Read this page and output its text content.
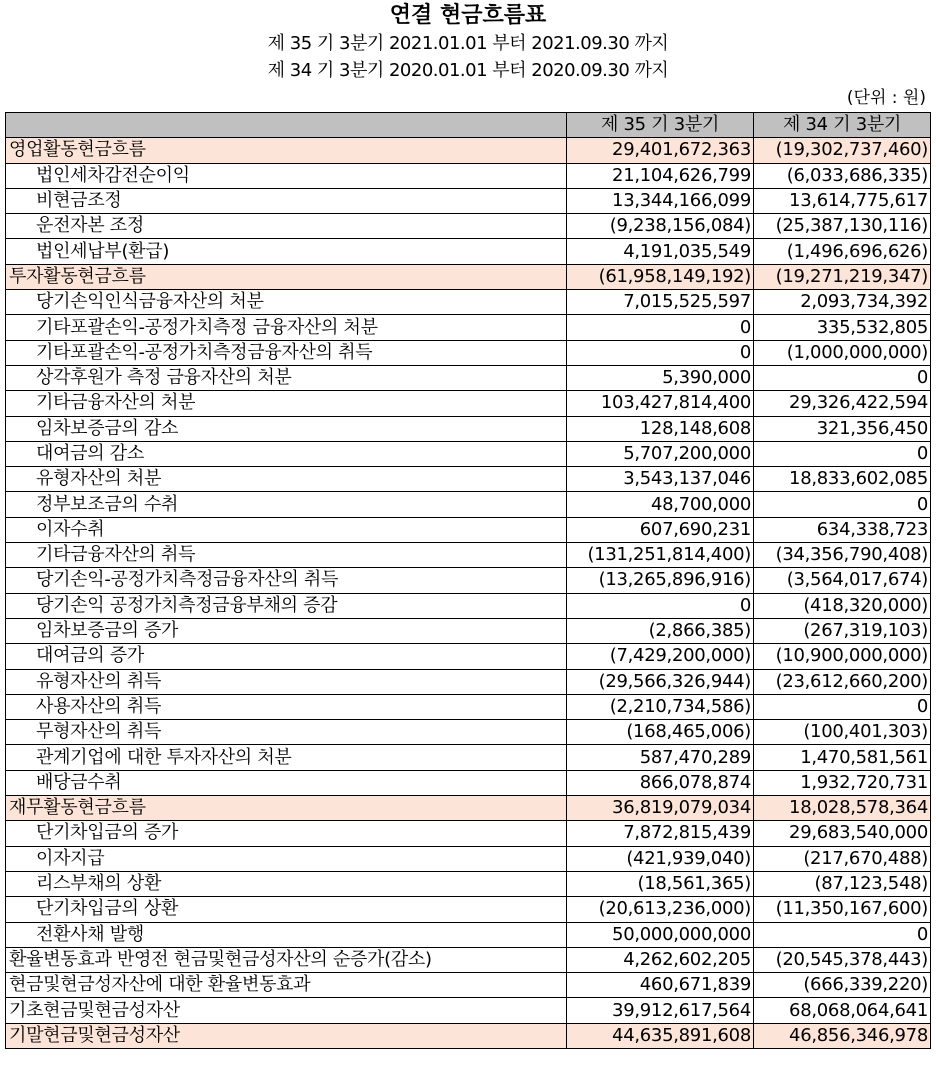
연결 현금흐름표
제 35 기 3분기 2021.01.01 부터 2021.09.30 까지
제 34 기 3분기 2020.01.01 부터 2020.09.30 까지
(단위 : 원)
	제 35 기 3분기	제 34 기 3분기
영업활동현금흐름	29,401,672,363	(19,302,737,460)
법인세차감전순이익	21,104,626,799	(6,033,686,335)
비현금조정	13,344,166,099	13,614,775,617
운전자본 조정	(9,238,156,084)	(25,387,130,116)
법인세납부(환급)	4,191,035,549	(1,496,696,626)
투자활동현금흐름	(61,958,149,192)	(19,271,219,347)
당기손익인식금융자산의 처분	7,015,525,597	2,093,734,392
기타포괄손익-공정가치측정 금융자산의 처분	0	335,532,805
기타포괄손익-공정가치측정금융자산의 취득	0	(1,000,000,000)
상각후원가 측정 금융자산의 처분	5,390,000	0
기타금융자산의 처분	103,427,814,400	29,326,422,594
임차보증금의 감소	128,148,608	321,356,450
대여금의 감소	5,707,200,000	0
유형자산의 처분	3,543,137,046	18,833,602,085
정부보조금의 수취	48,700,000	0
이자수취	607,690,231	634,338,723
기타금융자산의 취득	(131,251,814,400)	(34,356,790,408)
당기손익-공정가치측정금융자산의 취득	(13,265,896,916)	(3,564,017,674)
당기손익 공정가치측정금융부채의 증감	0	(418,320,000)
임차보증금의 증가	(2,866,385)	(267,319,103)
대여금의 증가	(7,429,200,000)	(10,900,000,000)
유형자산의 취득	(29,566,326,944)	(23,612,660,200)
사용자산의 취득	(2,210,734,586)	0
무형자산의 취득	(168,465,006)	(100,401,303)
관계기업에 대한 투자자산의 처분	587,470,289	1,470,581,561
배당금수취	866,078,874	1,932,720,731
재무활동현금흐름	36,819,079,034	18,028,578,364
단기차입금의 증가	7,872,815,439	29,683,540,000
이자지급	(421,939,040)	(217,670,488)
리스부채의 상환	(18,561,365)	(87,123,548)
단기차입금의 상환	(20,613,236,000)	(11,350,167,600)
전환사채 발행	50,000,000,000	0
환율변동효과 반영전 현금및현금성자산의 순증가(감소)	4,262,602,205	(20,545,378,443)
현금및현금성자산에 대한 환율변동효과	460,671,839	(666,339,220)
기초현금및현금성자산	39,912,617,564	68,068,064,641
기말현금및현금성자산	44,635,891,608	46,856,346,978
